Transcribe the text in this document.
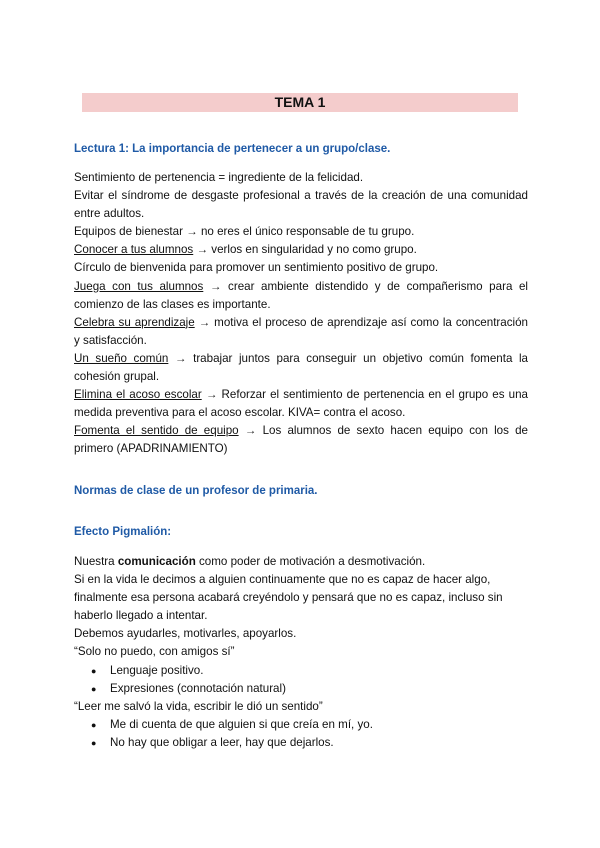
TEMA 1
Lectura 1: La importancia de pertenecer a un grupo/clase.

Sentimiento de pertenencia = ingrediente de la felicidad.

Evitar el síndrome de desgaste profesional a través de la creación de una comunidad entre adultos.

Equipos de bienestar → no eres el único responsable de tu grupo.

Conocer a tus alumnos → verlos en singularidad y no como grupo.

Círculo de bienvenida para promover un sentimiento positivo de grupo.

Juega con tus alumnos → crear ambiente distendido y de compañerismo para el comienzo de las clases es importante.

Celebra su aprendizaje → motiva el proceso de aprendizaje así como la concentración y satisfacción.

Un sueño común → trabajar juntos para conseguir un objetivo común fomenta la cohesión grupal.

Elimina el acoso escolar → Reforzar el sentimiento de pertenencia en el grupo es una medida preventiva para el acoso escolar. KIVA= contra el acoso.

Fomenta el sentido de equipo → Los alumnos de sexto hacen equipo con los de primero (APADRINAMIENTO)

Normas de clase de un profesor de primaria.
Efecto Pigmalión:

Nuestra comunicación como poder de motivación a desmotivación.

Si en la vida le decimos a alguien continuamente que no es capaz de hacer algo, finalmente esa persona acabará creyéndolo y pensará que no es capaz, incluso sin haberlo llegado a intentar.

Debemos ayudarles, motivarles, apoyarlos.

“Solo no puedo, con amigos sí”

● Lenguaje positivo.
● Expresiones (connotación natural)

“Leer me salvó la vida, escribir le dió un sentido”

● Me di cuenta de que alguien si que creía en mí, yo.
● No hay que obligar a leer, hay que dejarlos.
